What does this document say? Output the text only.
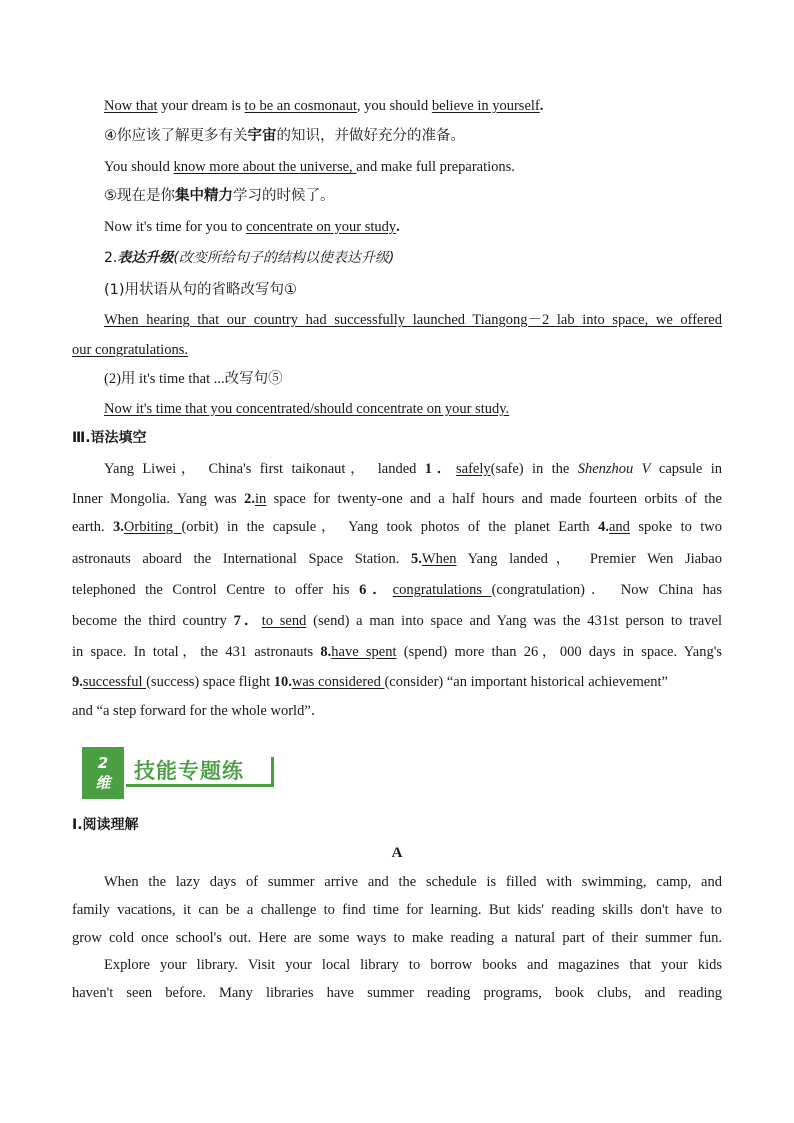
Now that your dream is to be an cosmonaut, you should believe in yourself.
④你应该了解更多有关宇宙的知识，并做好充分的准备。
You should know more about the universe, and make full preparations.
⑤现在是你集中精力学习的时候了。
Now it's time for you to concentrate on your study.
2.表达升级(改变所给句子的结构以使表达升级)
(1)用状语从句的省略改写句①
When hearing that our country had successfully launched Tiangong－2 lab into space, we offered
our congratulations.
(2)用 it's time that ...改写句⑤
Now it's time that you concentrated/should concentrate on your study.
Ⅲ.语法填空
Yang Liwei， China's first taikonaut， landed 1．safely(safe) in the Shenzhou V capsule in
Inner Mongolia. Yang was 2.in space for twenty-one and a half hours and made fourteen orbits of the
earth. 3.Orbiting (orbit) in the capsule， Yang took photos of the planet Earth 4.and spoke to two
astronauts aboard the International Space Station. 5.When Yang landed， Premier Wen Jiabao
telephoned the Control Centre to offer his 6．congratulations (congratulation)． Now China has
become the third country 7．to send (send) a man into space and Yang was the 431st person to travel
in space. In total，the 431 astronauts 8.have spent (spend) more than 26，000 days in space. Yang's
9.successful (success) space flight 10.was considered (consider) “an important historical achievement”
and “a step forward for the whole world”．
2
维	技能专题练
Ⅰ.阅读理解
A
When the lazy days of summer arrive and the schedule is filled with swimming, camp, and
family vacations, it can be a challenge to find time for learning. But kids' reading skills don't have to
grow cold once school's out. Here are some ways to make reading a natural part of their summer fun.
Explore your library. Visit your local library to borrow books and magazines that your kids
haven't seen before. Many libraries have summer reading programs, book clubs, and reading
